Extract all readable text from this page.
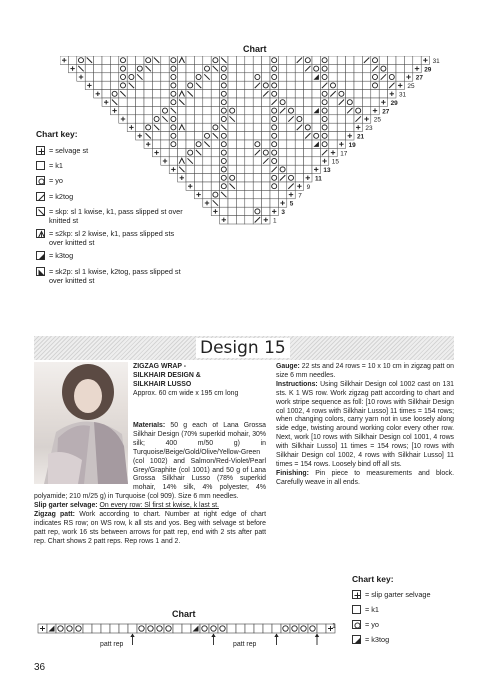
Chart
31
29
27
25
31
29
27
25
23
21
19
17
15
13
11
9
7
5
3
1
Chart key:
= selvage st
= k1
= yo
= k2tog
= skp: sl 1 kwise, k1, pass slipped st over knitted st
= s2kp: sl 2 kwise, k1, pass slipped sts over knitted st
= k3tog
= sk2p: sl 1 kwise, k2tog, pass slipped st over knitted st
Design 15
ZIGZAG WRAP -
SILKHAIR DESIGN &
SILKHAIR LUSSO
Approx. 60 cm wide x 195 cm long
Materials: 50 g each of Lana Grossa Silkhair Design (70% superkid mohair, 30% silk; 400 m/50 g) in Turquoise/Beige/Gold/Olive/Yellow-Green (col 1002) and Salmon/Red-Violet/Pearl Grey/Graphite (col 1001) and 50 g of Lana Grossa Silkhair Lusso (78% superkid mohair, 14% silk, 4% polyester, 4% polyamide; 210 m/25 g) in Turquoise (col 909). Size 6 mm needles.
Slip garter selvage: On every row: Sl first st kwise, k last st.
Zigzag patt: Work according to chart. Number at right edge of chart indicates RS row; on WS row, k all sts and yos. Beg with selvage st before patt rep, work 16 sts between arrows for patt rep, end with 2 sts after patt rep. Chart shows 2 patt reps. Rep rows 1 and 2.
Gauge: 22 sts and 24 rows = 10 x 10 cm in zigzag patt on size 6 mm needles.
Instructions: Using Silkhair Design col 1002 cast on 131 sts. K 1 WS row. Work zigzag patt according to chart and work stripe sequence as foll: [10 rows with Silkhair Design col 1002, 4 rows with Silkhair Lusso] 11 times = 154 rows; when changing colors, carry yarn not in use loosely along side edge, twisting around working color every other row. Next, work [10 rows with Silkhair Design col 1001, 4 rows with Silkhair Lusso] 11 times = 154 rows; [10 rows with Silkhair Design col 1002, 4 rows with Silkhair Lusso] 11 times = 154 rows. Loosely bind off all sts.
Finishing: Pin piece to measurements and block. Carefully weave in all ends.
Chart key:
= slip garter selvage
= k1
= yo
= k3tog
Chart
patt rep	patt rep
1
36
